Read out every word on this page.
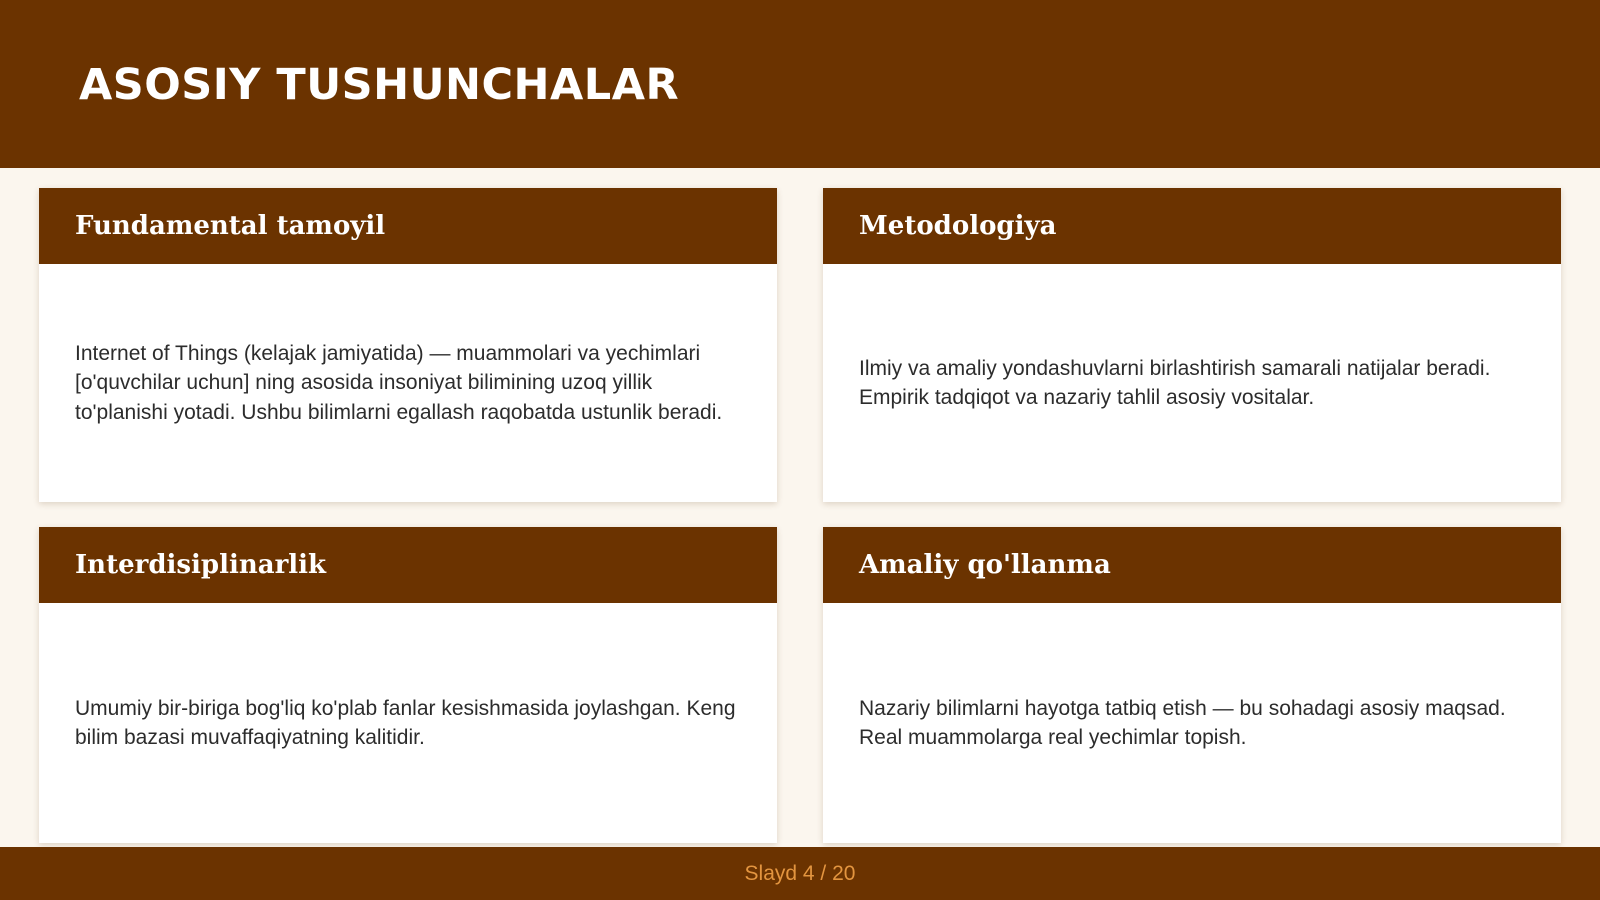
ASOSIY TUSHUNCHALAR
Fundamental tamoyil

Internet of Things (kelajak jamiyatida) — muammolari va yechimlari [o'quvchilar uchun] ning asosida insoniyat bilimining uzoq yillik to'planishi yotadi. Ushbu bilimlarni egallash raqobatda ustunlik beradi.

Metodologiya

Ilmiy va amaliy yondashuvlarni birlashtirish samarali natijalar beradi. Empirik tadqiqot va nazariy tahlil asosiy vositalar.

Interdisiplinarlik

Umumiy bir-biriga bog'liq ko'plab fanlar kesishmasida joylashgan. Keng bilim bazasi muvaffaqiyatning kalitidir.

Amaliy qo'llanma

Nazariy bilimlarni hayotga tatbiq etish — bu sohadagi asosiy maqsad. Real muammolarga real yechimlar topish.

Slayd 4 / 20
